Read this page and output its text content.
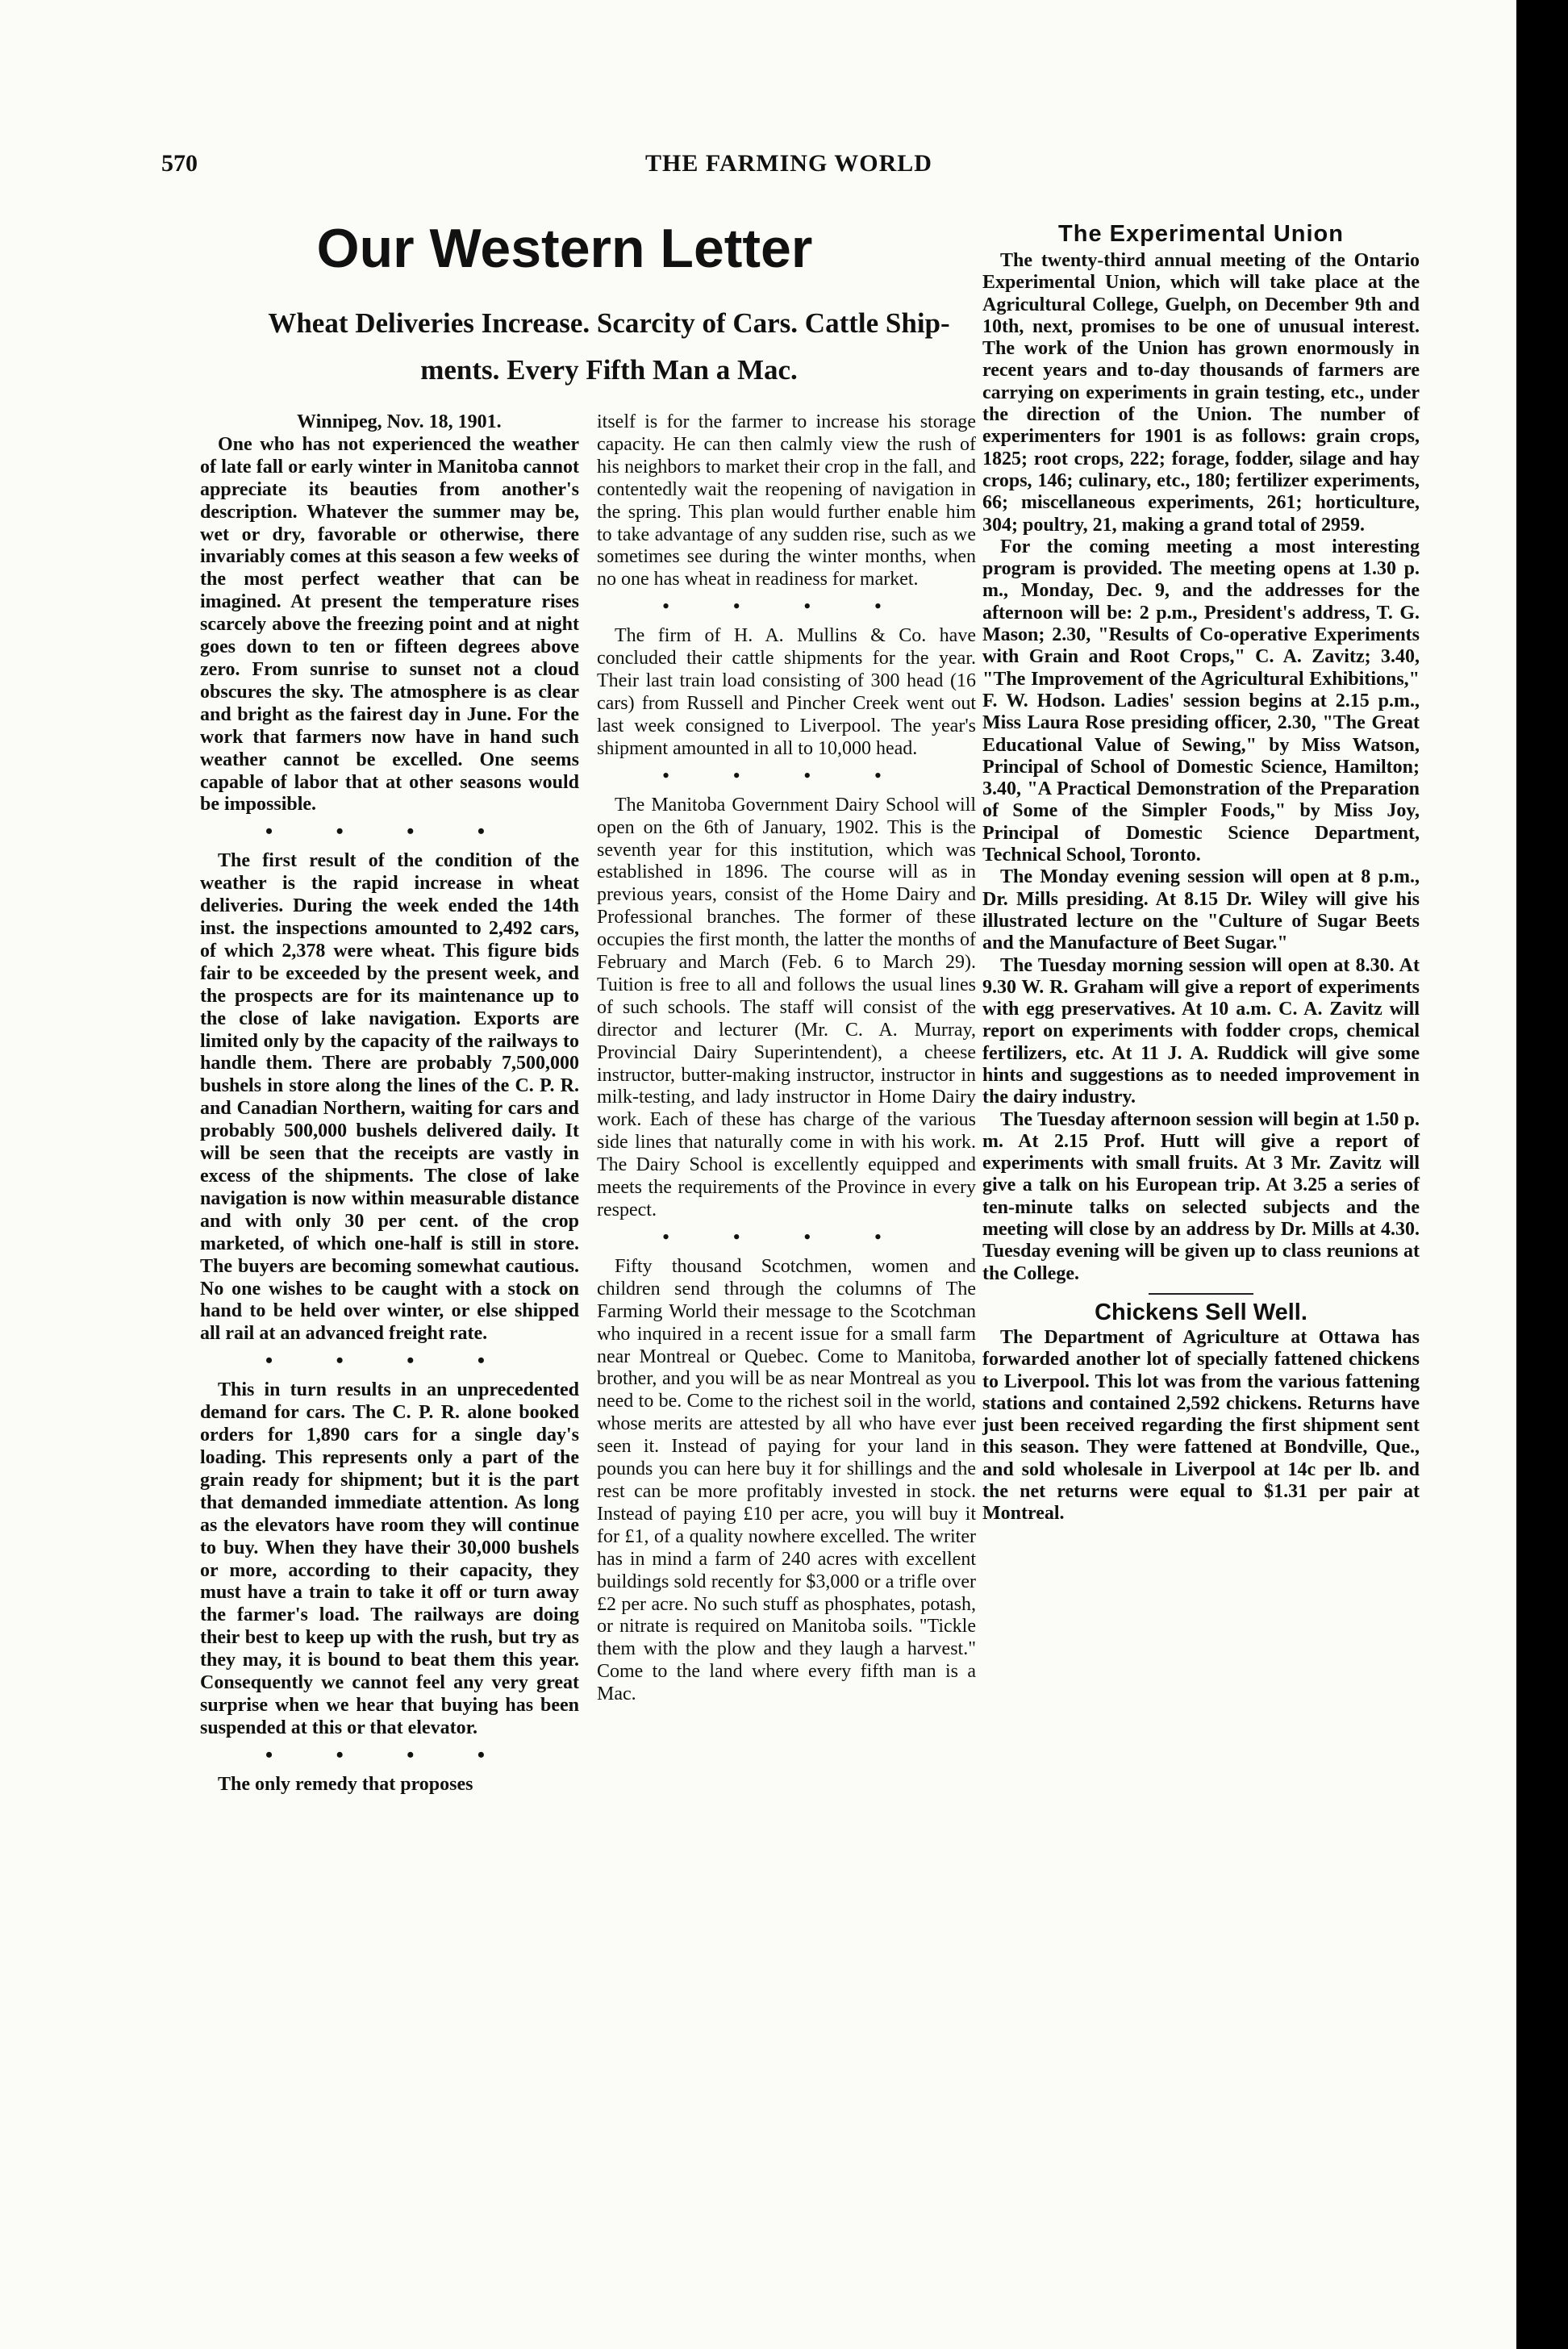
570	THE FARMING WORLD
Our Western Letter
Wheat Deliveries Increase. Scarcity of Cars. Cattle Ship-
ments. Every Fifth Man a Mac.

Winnipeg, Nov. 18, 1901.

One who has not experienced the weather of late fall or early winter in Manitoba cannot appreciate its beauties from another's description. Whatever the summer may be, wet or dry, favorable or otherwise, there invariably comes at this season a few weeks of the most perfect weather that can be imagined. At present the temperature rises scarcely above the freezing point and at night goes down to ten or fifteen degrees above zero. From sunrise to sunset not a cloud obscures the sky. The atmosphere is as clear and bright as the fairest day in June. For the work that farmers now have in hand such weather cannot be excelled. One seems capable of labor that at other seasons would be impossible.

• • • •

The first result of the condition of the weather is the rapid increase in wheat deliveries. During the week ended the 14th inst. the inspections amounted to 2,492 cars, of which 2,378 were wheat. This figure bids fair to be exceeded by the present week, and the prospects are for its maintenance up to the close of lake navigation. Exports are limited only by the capacity of the railways to handle them. There are probably 7,500,000 bushels in store along the lines of the C. P. R. and Canadian Northern, waiting for cars and probably 500,000 bushels delivered daily. It will be seen that the receipts are vastly in excess of the shipments. The close of lake navigation is now within measurable distance and with only 30 per cent. of the crop marketed, of which one-half is still in store. The buyers are becoming somewhat cautious. No one wishes to be caught with a stock on hand to be held over winter, or else shipped all rail at an advanced freight rate.

• • • •

This in turn results in an unprecedented demand for cars. The C. P. R. alone booked orders for 1,890 cars for a single day's loading. This represents only a part of the grain ready for shipment; but it is the part that demanded immediate attention. As long as the elevators have room they will continue to buy. When they have their 30,000 bushels or more, according to their capacity, they must have a train to take it off or turn away the farmer's load. The railways are doing their best to keep up with the rush, but try as they may, it is bound to beat them this year. Consequently we cannot feel any very great surprise when we hear that buying has been suspended at this or that elevator.

• • • •

The only remedy that proposes

itself is for the farmer to increase his storage capacity. He can then calmly view the rush of his neighbors to market their crop in the fall, and contentedly wait the reopening of navigation in the spring. This plan would further enable him to take advantage of any sudden rise, such as we sometimes see during the winter months, when no one has wheat in readiness for market.

• • • •

The firm of H. A. Mullins & Co. have concluded their cattle shipments for the year. Their last train load consisting of 300 head (16 cars) from Russell and Pincher Creek went out last week consigned to Liverpool. The year's shipment amounted in all to 10,000 head.

• • • •

The Manitoba Government Dairy School will open on the 6th of January, 1902. This is the seventh year for this institution, which was established in 1896. The course will as in previous years, consist of the Home Dairy and Professional branches. The former of these occupies the first month, the latter the months of February and March (Feb. 6 to March 29). Tuition is free to all and follows the usual lines of such schools. The staff will consist of the director and lecturer (Mr. C. A. Murray, Provincial Dairy Superintendent), a cheese instructor, butter-making instructor, instructor in milk-testing, and lady instructor in Home Dairy work. Each of these has charge of the various side lines that naturally come in with his work. The Dairy School is excellently equipped and meets the requirements of the Province in every respect.

• • • •

Fifty thousand Scotchmen, women and children send through the columns of The Farming World their message to the Scotchman who inquired in a recent issue for a small farm near Montreal or Quebec. Come to Manitoba, brother, and you will be as near Montreal as you need to be. Come to the richest soil in the world, whose merits are attested by all who have ever seen it. Instead of paying for your land in pounds you can here buy it for shillings and the rest can be more profitably invested in stock. Instead of paying £10 per acre, you will buy it for £1, of a quality nowhere excelled. The writer has in mind a farm of 240 acres with excellent buildings sold recently for $3,000 or a trifle over £2 per acre. No such stuff as phosphates, potash, or nitrate is required on Manitoba soils. "Tickle them with the plow and they laugh a harvest." Come to the land where every fifth man is a Mac.

The Experimental Union

The twenty-third annual meeting of the Ontario Experimental Union, which will take place at the Agricultural College, Guelph, on December 9th and 10th, next, promises to be one of unusual interest. The work of the Union has grown enormously in recent years and to-day thousands of farmers are carrying on experiments in grain testing, etc., under the direction of the Union. The number of experimenters for 1901 is as follows: grain crops, 1825; root crops, 222; forage, fodder, silage and hay crops, 146; culinary, etc., 180; fertilizer experiments, 66; miscellaneous experiments, 261; horticulture, 304; poultry, 21, making a grand total of 2959.

For the coming meeting a most interesting program is provided. The meeting opens at 1.30 p. m., Monday, Dec. 9, and the addresses for the afternoon will be: 2 p.m., President's address, T. G. Mason; 2.30, "Results of Co-operative Experiments with Grain and Root Crops," C. A. Zavitz; 3.40, "The Improvement of the Agricultural Exhibitions," F. W. Hodson. Ladies' session begins at 2.15 p.m., Miss Laura Rose presiding officer, 2.30, "The Great Educational Value of Sewing," by Miss Watson, Principal of School of Domestic Science, Hamilton; 3.40, "A Practical Demonstration of the Preparation of Some of the Simpler Foods," by Miss Joy, Principal of Domestic Science Department, Technical School, Toronto.

The Monday evening session will open at 8 p.m., Dr. Mills presiding. At 8.15 Dr. Wiley will give his illustrated lecture on the "Culture of Sugar Beets and the Manufacture of Beet Sugar."

The Tuesday morning session will open at 8.30. At 9.30 W. R. Graham will give a report of experiments with egg preservatives. At 10 a.m. C. A. Zavitz will report on experiments with fodder crops, chemical fertilizers, etc. At 11 J. A. Ruddick will give some hints and suggestions as to needed improvement in the dairy industry.

The Tuesday afternoon session will begin at 1.50 p. m. At 2.15 Prof. Hutt will give a report of experiments with small fruits. At 3 Mr. Zavitz will give a talk on his European trip. At 3.25 a series of ten-minute talks on selected subjects and the meeting will close by an address by Dr. Mills at 4.30. Tuesday evening will be given up to class reunions at the College.

Chickens Sell Well.

The Department of Agriculture at Ottawa has forwarded another lot of specially fattened chickens to Liverpool. This lot was from the various fattening stations and contained 2,592 chickens. Returns have just been received regarding the first shipment sent this season. They were fattened at Bondville, Que., and sold wholesale in Liverpool at 14c per lb. and the net returns were equal to $1.31 per pair at Montreal.
